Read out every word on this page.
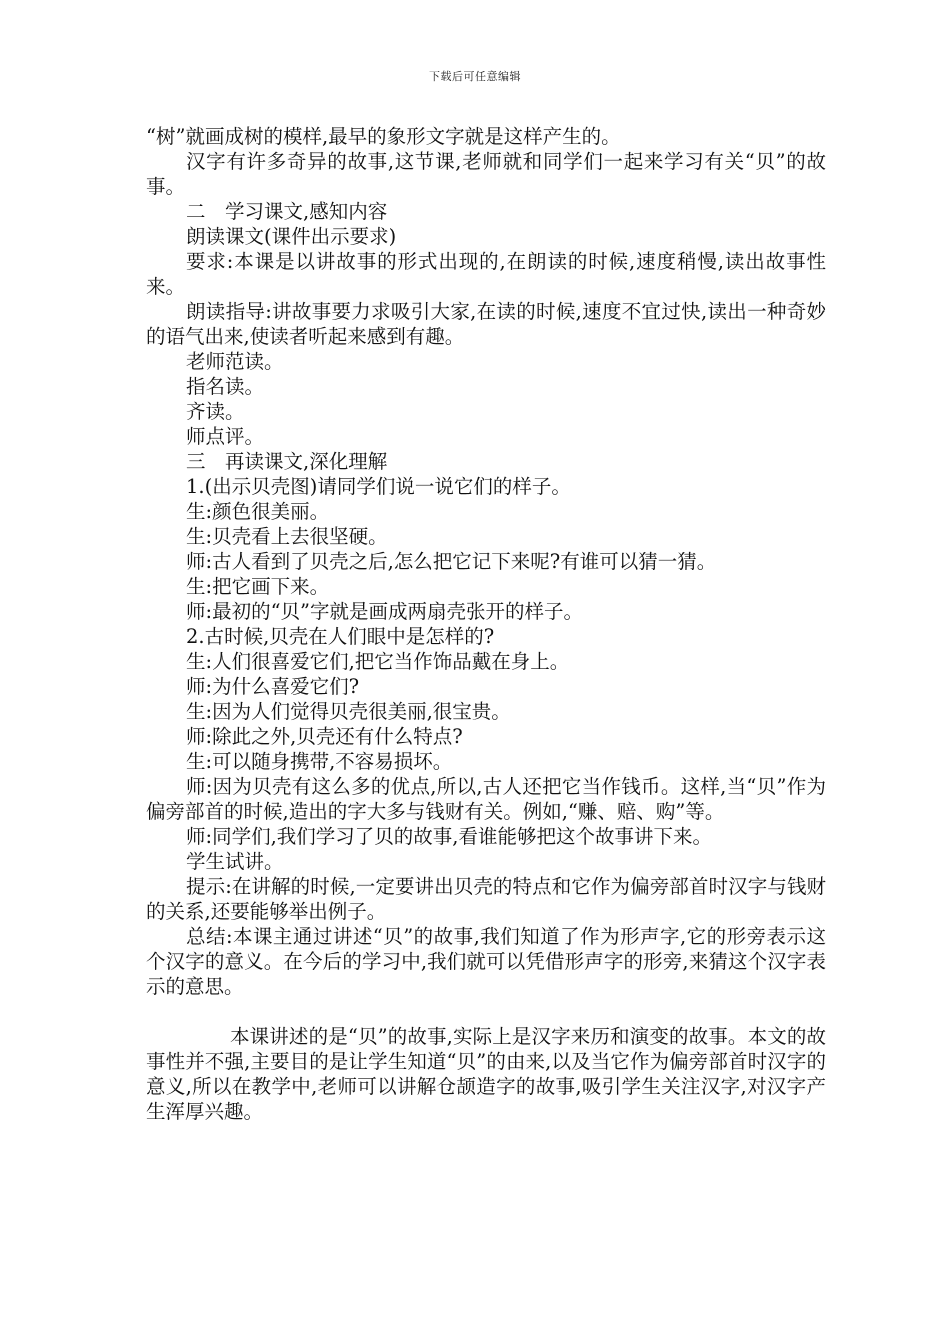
下载后可任意编辑

“树”就画成树的模样,最早的象形文字就是这样产生的。

汉字有许多奇异的故事,这节课,老师就和同学们一起来学习有关“贝”的故事。

二　学习课文,感知内容

朗读课文(课件出示要求)

要求:本课是以讲故事的形式出现的,在朗读的时候,速度稍慢,读出故事性来。

朗读指导:讲故事要力求吸引大家,在读的时候,速度不宜过快,读出一种奇妙的语气出来,使读者听起来感到有趣。

老师范读。

指名读。

齐读。

师点评。

三　再读课文,深化理解

1.(出示贝壳图)请同学们说一说它们的样子。

生:颜色很美丽。

生:贝壳看上去很坚硬。

师:古人看到了贝壳之后,怎么把它记下来呢?有谁可以猜一猜。

生:把它画下来。

师:最初的“贝”字就是画成两扇壳张开的样子。

2.古时候,贝壳在人们眼中是怎样的?

生:人们很喜爱它们,把它当作饰品戴在身上。

师:为什么喜爱它们?

生:因为人们觉得贝壳很美丽,很宝贵。

师:除此之外,贝壳还有什么特点?

生:可以随身携带,不容易损坏。

师:因为贝壳有这么多的优点,所以,古人还把它当作钱币。这样,当“贝”作为偏旁部首的时候,造出的字大多与钱财有关。例如,“赚、赔、购”等。

师:同学们,我们学习了贝的故事,看谁能够把这个故事讲下来。

学生试讲。

提示:在讲解的时候,一定要讲出贝壳的特点和它作为偏旁部首时汉字与钱财的关系,还要能够举出例子。

总结:本课主通过讲述“贝”的故事,我们知道了作为形声字,它的形旁表示这个汉字的意义。在今后的学习中,我们就可以凭借形声字的形旁,来猜这个汉字表示的意思。

本课讲述的是“贝”的故事,实际上是汉字来历和演变的故事。本文的故事性并不强,主要目的是让学生知道“贝”的由来,以及当它作为偏旁部首时汉字的意义,所以在教学中,老师可以讲解仓颉造字的故事,吸引学生关注汉字,对汉字产生浑厚兴趣。
